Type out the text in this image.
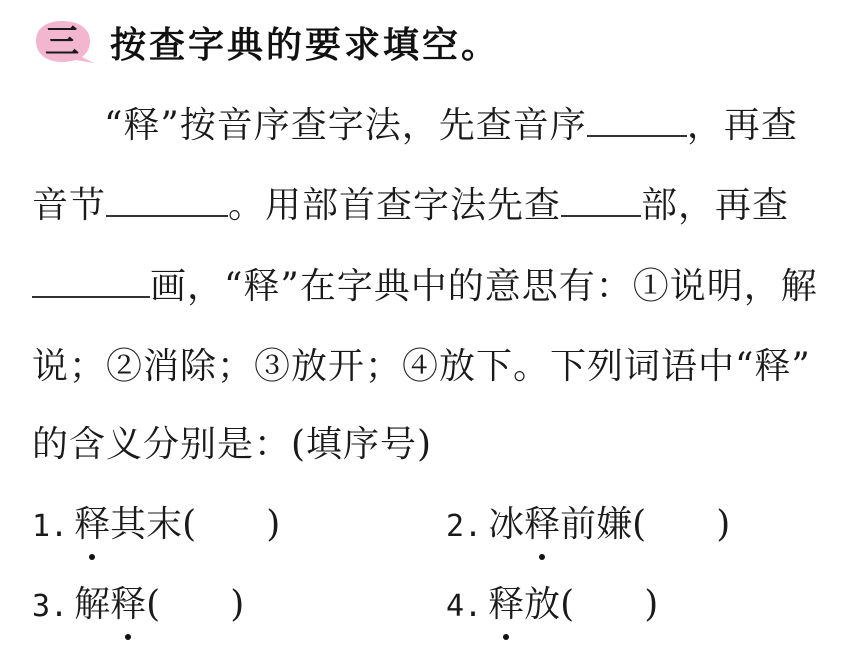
三 按查字典的要求填空。
“释”按音序查字法，先查音序	，再查
音节	。用部首查字法先查 部，再查
画，“释”在字典中的意思有：①说明，解
说；②消除；③放开；④放下。下列词语中“释”
的含义分别是：(填序号)
1. 释其末( )	2. 冰释前嫌( )
3. 解释( )	4. 释放( )
